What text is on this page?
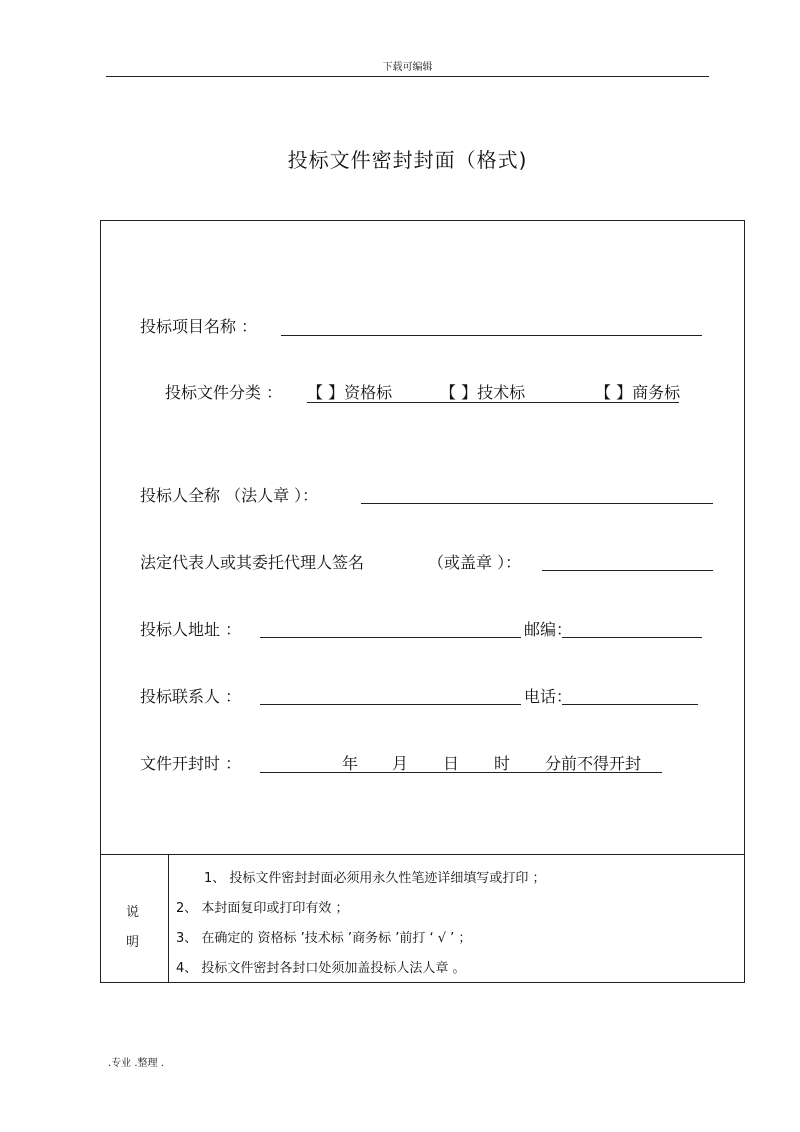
下载可编辑
投标文件密封封面（格式)
投标项目名称 ：
投标文件分类 ： 【 】资格标	【 】技术标	【 】商务标
投标人全称 （法人章 ）：
法定代表人或其委托代理人签名	（或盖章 ）：
投标人地址 ：	邮编：
投标联系人 ：	电话：
文件开封时 ：	年 月 日 时 分前不得开封
说
明
1、 投标文件密封封面必须用永久性笔迹详细填写或打印 ；
2、 本封面复印或打印有效 ；
3、 在确定的 资格标 ’技术标 ’商务标 ’前打 ‘ √ ’ ；
4、 投标文件密封各封口处须加盖投标人法人章 。
.专业 .整理 .
